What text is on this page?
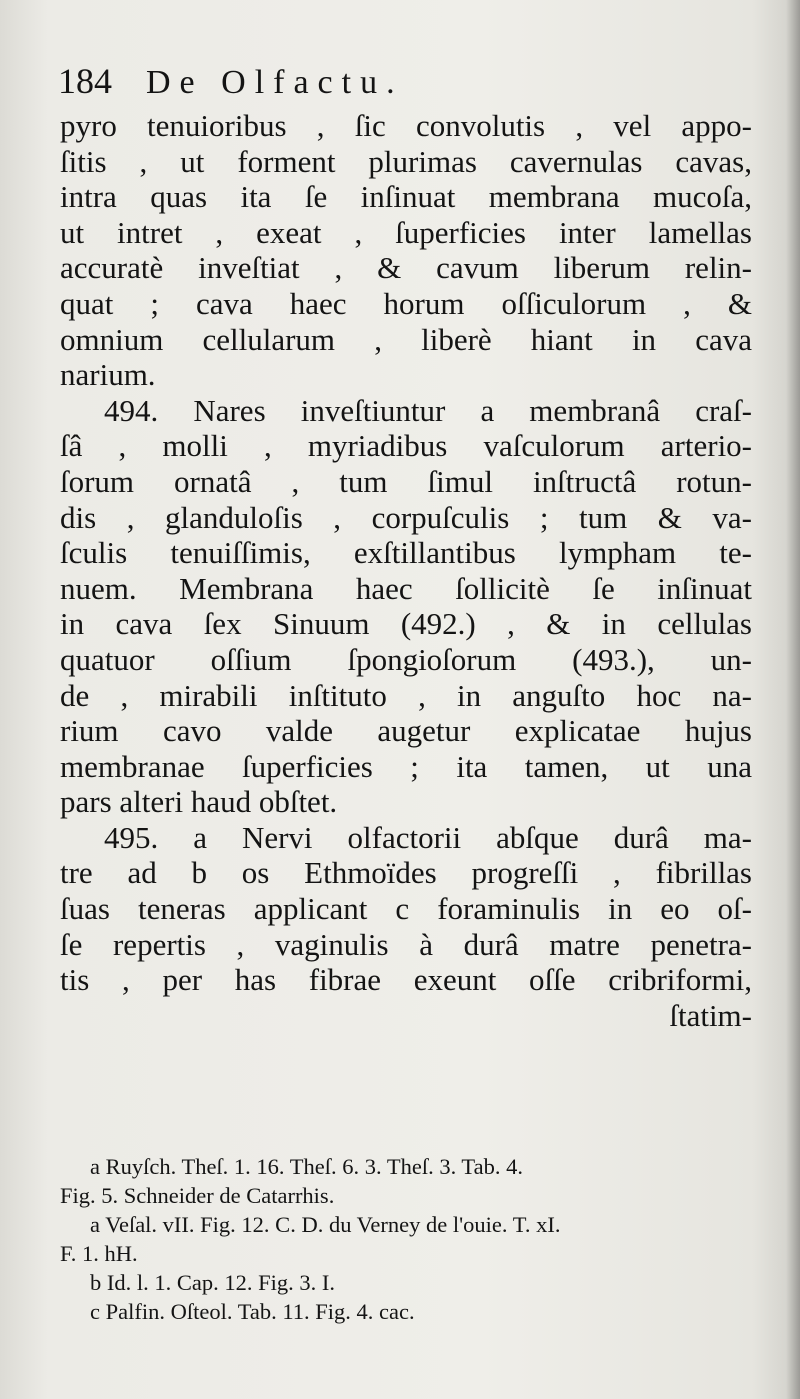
184 De Olfactu.
pyro tenuioribus , ſic convolutis , vel appo-
ſitis , ut forment plurimas cavernulas cavas,
intra quas ita ſe inſinuat membrana mucoſa,
ut intret , exeat , ſuperficies inter lamellas
accuratè inveſtiat , & cavum liberum relin-
quat ; cava haec horum oſſiculorum , &
omnium cellularum , liberè hiant in cava
narium.
494. Nares inveſtiuntur a membranâ craſ-
ſâ , molli , myriadibus vaſculorum arterio-
ſorum ornatâ , tum ſimul inſtructâ rotun-
dis , glanduloſis , corpuſculis ; tum & va-
ſculis tenuiſſimis, exſtillantibus lympham te-
nuem. Membrana haec ſollicitè ſe inſinuat
in cava ſex Sinuum (492.) , & in cellulas
quatuor oſſium ſpongioſorum (493.), un-
de , mirabili inſtituto , in anguſto hoc na-
rium cavo valde augetur explicatae hujus
membranae ſuperficies ; ita tamen, ut una
pars alteri haud obſtet.
495. a Nervi olfactorii abſque durâ ma-
tre ad b os Ethmoïdes progreſſi , fibrillas
ſuas teneras applicant c foraminulis in eo oſ-
ſe repertis , vaginulis à durâ matre penetra-
tis , per has fibrae exeunt oſſe cribriformi,
ſtatim-
a Ruyſch. Theſ. 1. 16. Theſ. 6. 3. Theſ. 3. Tab. 4.
Fig. 5. Schneider de Catarrhis.
a Veſal. vII. Fig. 12. C. D. du Verney de l'ouie. T. xI.
F. 1. hH.
b Id. l. 1. Cap. 12. Fig. 3. I.
c Palfin. Oſteol. Tab. 11. Fig. 4. cac.
